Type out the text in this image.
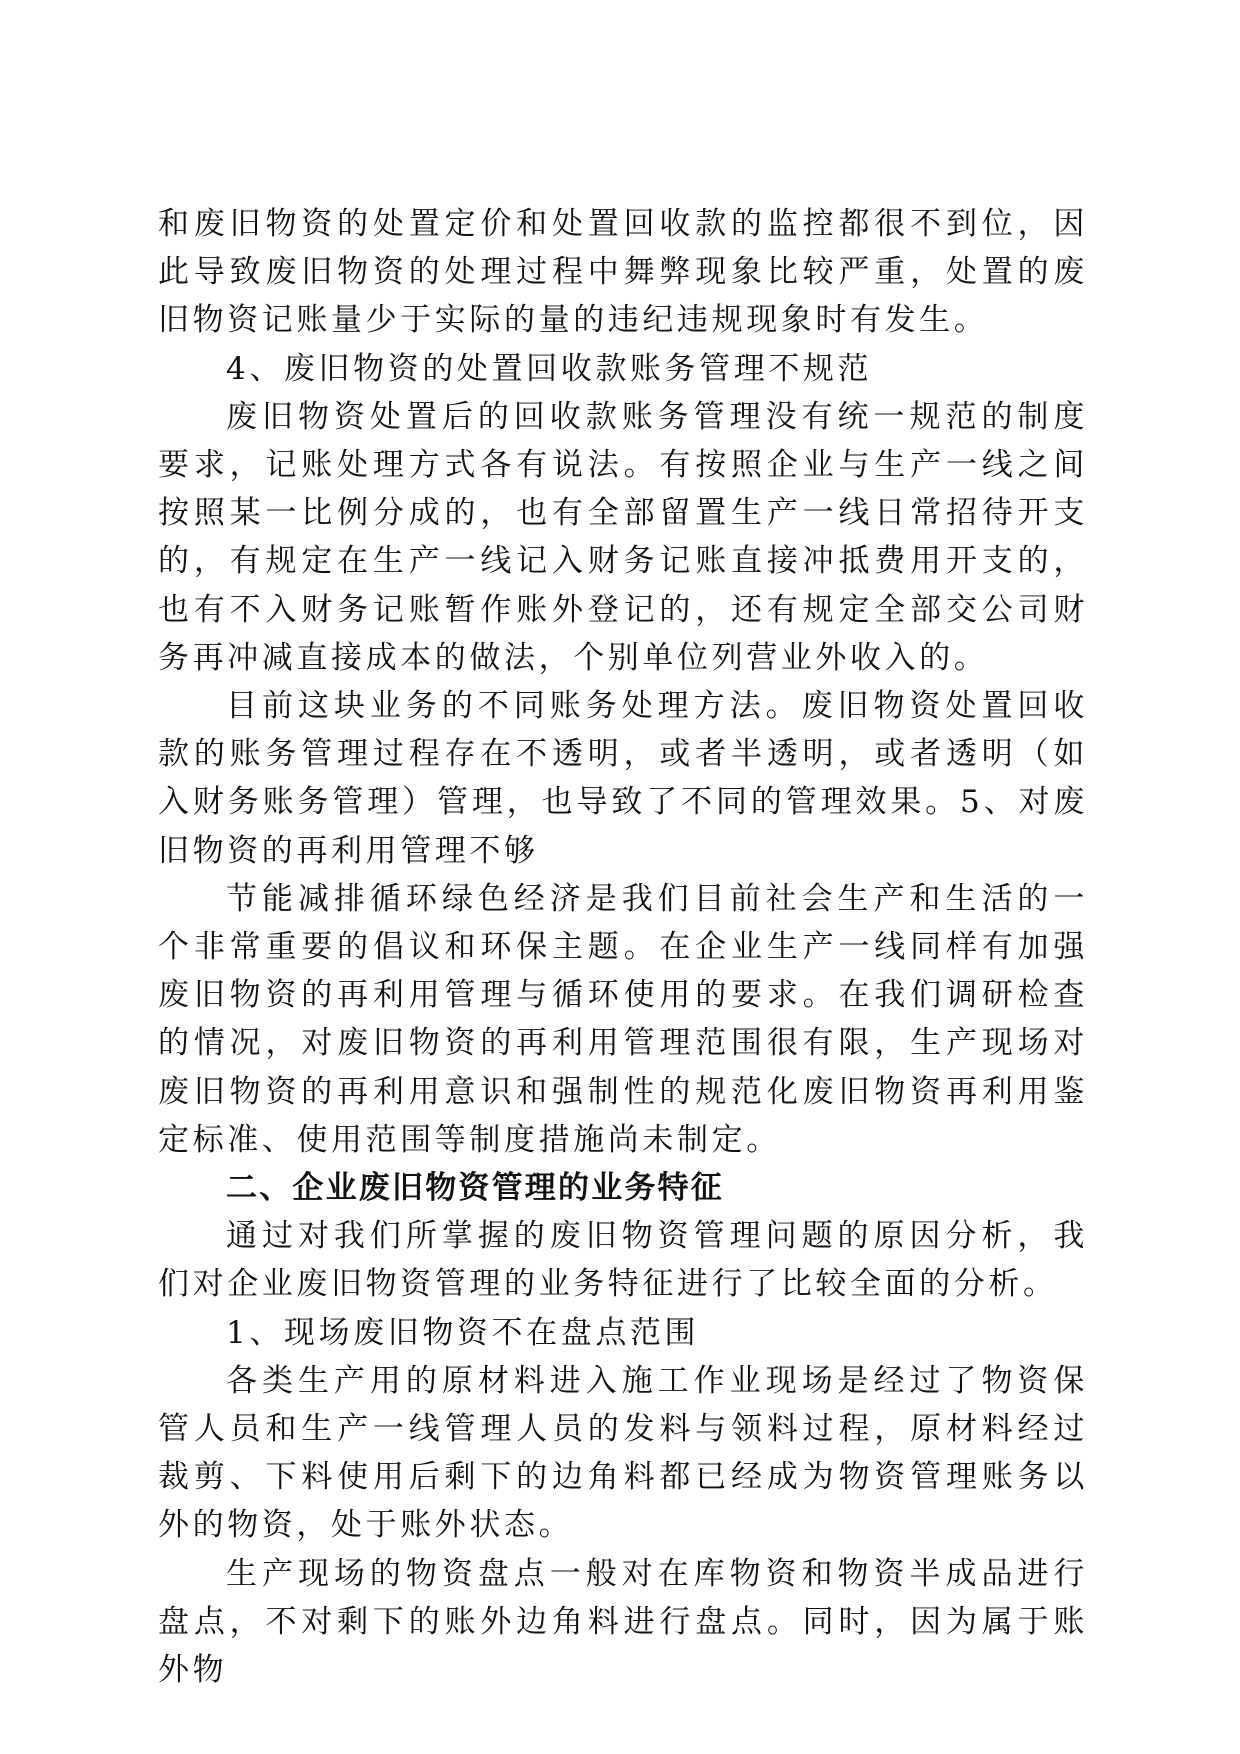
和废旧物资的处置定价和处置回收款的监控都很不到位，因此导致废旧物资的处理过程中舞弊现象比较严重，处置的废旧物资记账量少于实际的量的违纪违规现象时有发生。

4、废旧物资的处置回收款账务管理不规范

废旧物资处置后的回收款账务管理没有统一规范的制度要求，记账处理方式各有说法。有按照企业与生产一线之间按照某一比例分成的，也有全部留置生产一线日常招待开支的，有规定在生产一线记入财务记账直接冲抵费用开支的，也有不入财务记账暂作账外登记的，还有规定全部交公司财务再冲减直接成本的做法，个别单位列营业外收入的。

目前这块业务的不同账务处理方法。废旧物资处置回收款的账务管理过程存在不透明，或者半透明，或者透明（如入财务账务管理）管理，也导致了不同的管理效果。5、对废旧物资的再利用管理不够

节能减排循环绿色经济是我们目前社会生产和生活的一个非常重要的倡议和环保主题。在企业生产一线同样有加强废旧物资的再利用管理与循环使用的要求。在我们调研检查的情况，对废旧物资的再利用管理范围很有限，生产现场对废旧物资的再利用意识和强制性的规范化废旧物资再利用鉴定标准、使用范围等制度措施尚未制定。

二、企业废旧物资管理的业务特征

通过对我们所掌握的废旧物资管理问题的原因分析，我们对企业废旧物资管理的业务特征进行了比较全面的分析。

1、现场废旧物资不在盘点范围

各类生产用的原材料进入施工作业现场是经过了物资保管人员和生产一线管理人员的发料与领料过程，原材料经过裁剪、下料使用后剩下的边角料都已经成为物资管理账务以外的物资，处于账外状态。

生产现场的物资盘点一般对在库物资和物资半成品进行盘点，不对剩下的账外边角料进行盘点。同时，因为属于账外物
